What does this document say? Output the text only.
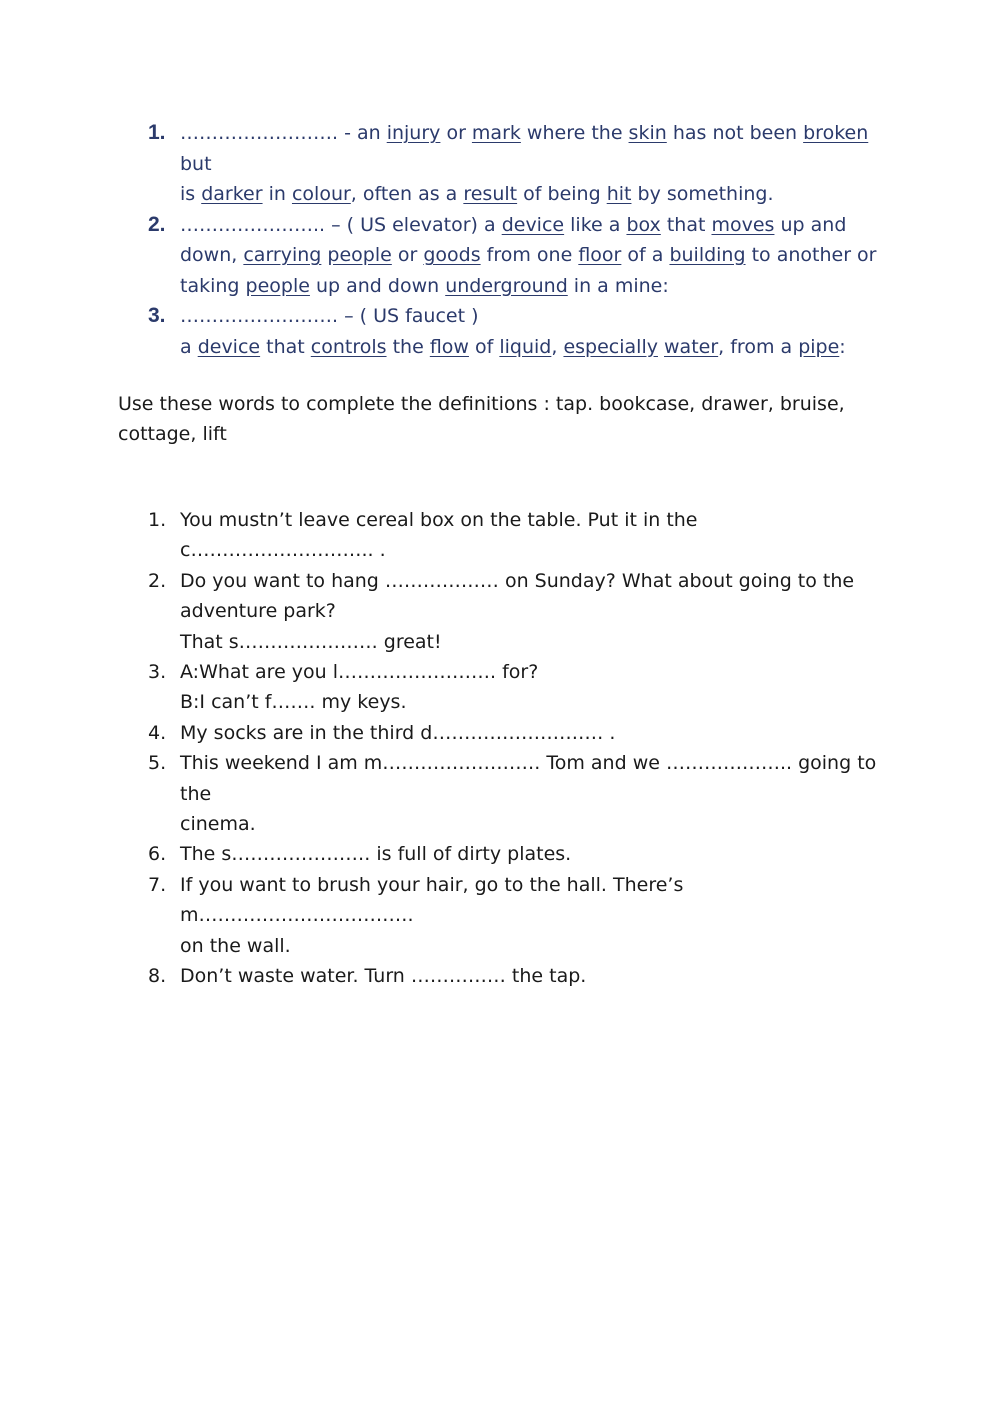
1. ……………………. - an injury or mark where the skin has not been broken but
is darker in colour, often as a result of being hit by something.
2. ………………….. – ( US elevator) a device like a box that moves up and
down, carrying people or goods from one floor of a building to another or
taking people up and down underground in a mine:
3. ……………………. – ( US faucet )
a device that controls the flow of liquid, especially water, from a pipe:
Use these words to complete the definitions : tap. bookcase, drawer, bruise,
cottage, lift
1. You mustn’t leave cereal box on the table. Put it in the c……………………….. .
2. Do you want to hang ……………… on Sunday? What about going to the
adventure park?
That s…………………. great!
3. A:What are you l……………………. for?
B:I can’t f……. my keys.
4. My socks are in the third d……………………… .
5. This weekend I am m……………………. Tom and we ……………….. going to the
cinema.
6. The s…………………. is full of dirty plates.
7. If you want to brush your hair, go to the hall. There’s m…………………………….
on the wall.
8. Don’t waste water. Turn …………… the tap.
